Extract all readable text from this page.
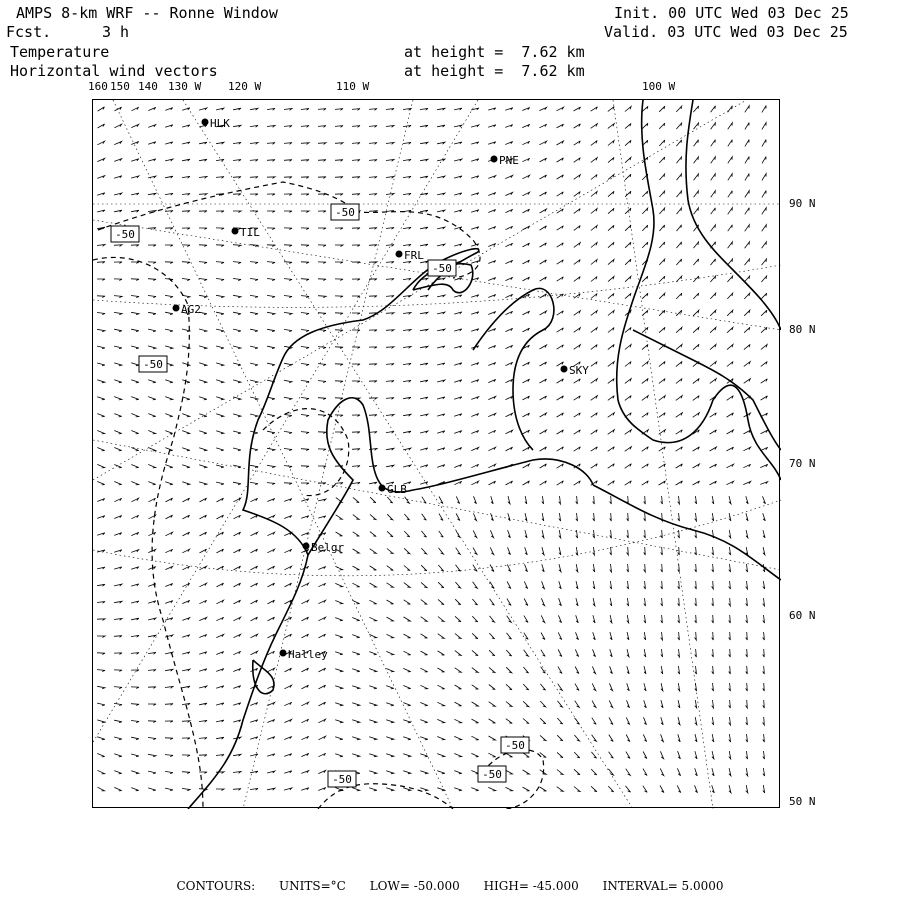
AMPS 8-km WRF -- Ronne Window
Fcst.	3 h
Init. 00 UTC Wed 03 Dec 25
Valid. 03 UTC Wed 03 Dec 25
Temperature	at height =  7.62 km
Horizontal wind vectors	at height =  7.62 km
160 150 140 130 W 120 W	110 W	100 W
90 N
80 N
70 N
60 N
50 N
-50
-50
-50
-50
-50
-50
-50
HLK
PNE
TIL
FRL
AG2
SKY
GLB
Belgr
Halley
CONTOURS: UNITS=°C LOW= -50.000 HIGH= -45.000 INTERVAL= 5.0000
